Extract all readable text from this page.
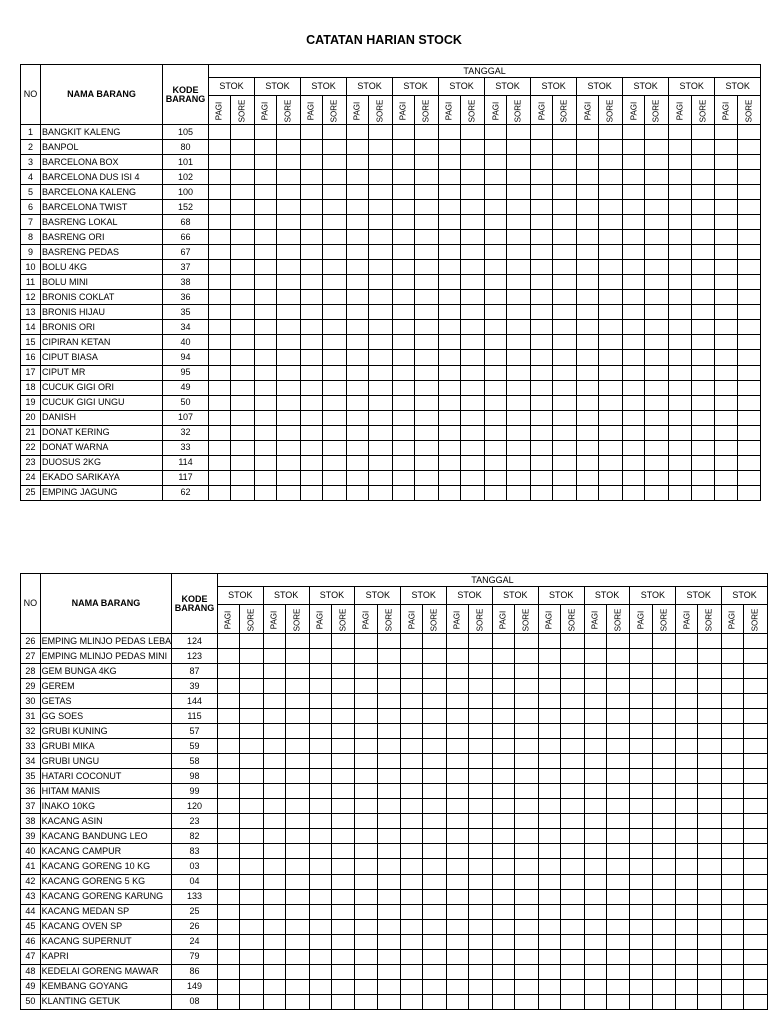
CATATAN HARIAN STOCK
NO	NAMA BARANG	KODE
BARANG	TANGGAL																							
			STOK		STOK		STOK		STOK		STOK		STOK		STOK		STOK		STOK		STOK		STOK		STOK	
			PAGI	SORE	PAGI	SORE	PAGI	SORE	PAGI	SORE	PAGI	SORE	PAGI	SORE	PAGI	SORE	PAGI	SORE	PAGI	SORE	PAGI	SORE	PAGI	SORE	PAGI	SORE
1	BANGKIT KALENG	105																								
2	BANPOL	80																								
3	BARCELONA BOX	101																								
4	BARCELONA DUS ISI 4	102																								
5	BARCELONA KALENG	100																								
6	BARCELONA TWIST	152																								
7	BASRENG LOKAL	68																								
8	BASRENG ORI	66																								
9	BASRENG PEDAS	67																								
10	BOLU 4KG	37																								
11	BOLU MINI	38																								
12	BRONIS COKLAT	36																								
13	BRONIS HIJAU	35																								
14	BRONIS ORI	34																								
15	CIPIRAN KETAN	40																								
16	CIPUT BIASA	94																								
17	CIPUT MR	95																								
18	CUCUK GIGI ORI	49																								
19	CUCUK GIGI UNGU	50																								
20	DANISH	107																								
21	DONAT KERING	32																								
22	DONAT WARNA	33																								
23	DUOSUS 2KG	114																								
24	EKADO SARIKAYA	117																								
25	EMPING JAGUNG	62																								
NO	NAMA BARANG	KODE
BARANG	TANGGAL																							
			STOK		STOK		STOK		STOK		STOK		STOK		STOK		STOK		STOK		STOK		STOK		STOK	
			PAGI	SORE	PAGI	SORE	PAGI	SORE	PAGI	SORE	PAGI	SORE	PAGI	SORE	PAGI	SORE	PAGI	SORE	PAGI	SORE	PAGI	SORE	PAGI	SORE	PAGI	SORE
26	EMPING MLINJO PEDAS LEBA	124																								
27	EMPING MLINJO PEDAS MINI	123																								
28	GEM BUNGA 4KG	87																								
29	GEREM	39																								
30	GETAS	144																								
31	GG SOES	115																								
32	GRUBI KUNING	57																								
33	GRUBI MIKA	59																								
34	GRUBI UNGU	58																								
35	HATARI COCONUT	98																								
36	HITAM MANIS	99																								
37	INAKO 10KG	120																								
38	KACANG ASIN	23																								
39	KACANG BANDUNG LEO	82																								
40	KACANG CAMPUR	83																								
41	KACANG GORENG 10 KG	03																								
42	KACANG GORENG 5 KG	04																								
43	KACANG GORENG KARUNG	133																								
44	KACANG MEDAN SP	25																								
45	KACANG OVEN SP	26																								
46	KACANG SUPERNUT	24																								
47	KAPRI	79																								
48	KEDELAI GORENG MAWAR	86																								
49	KEMBANG GOYANG	149																								
50	KLANTING GETUK	08																								
